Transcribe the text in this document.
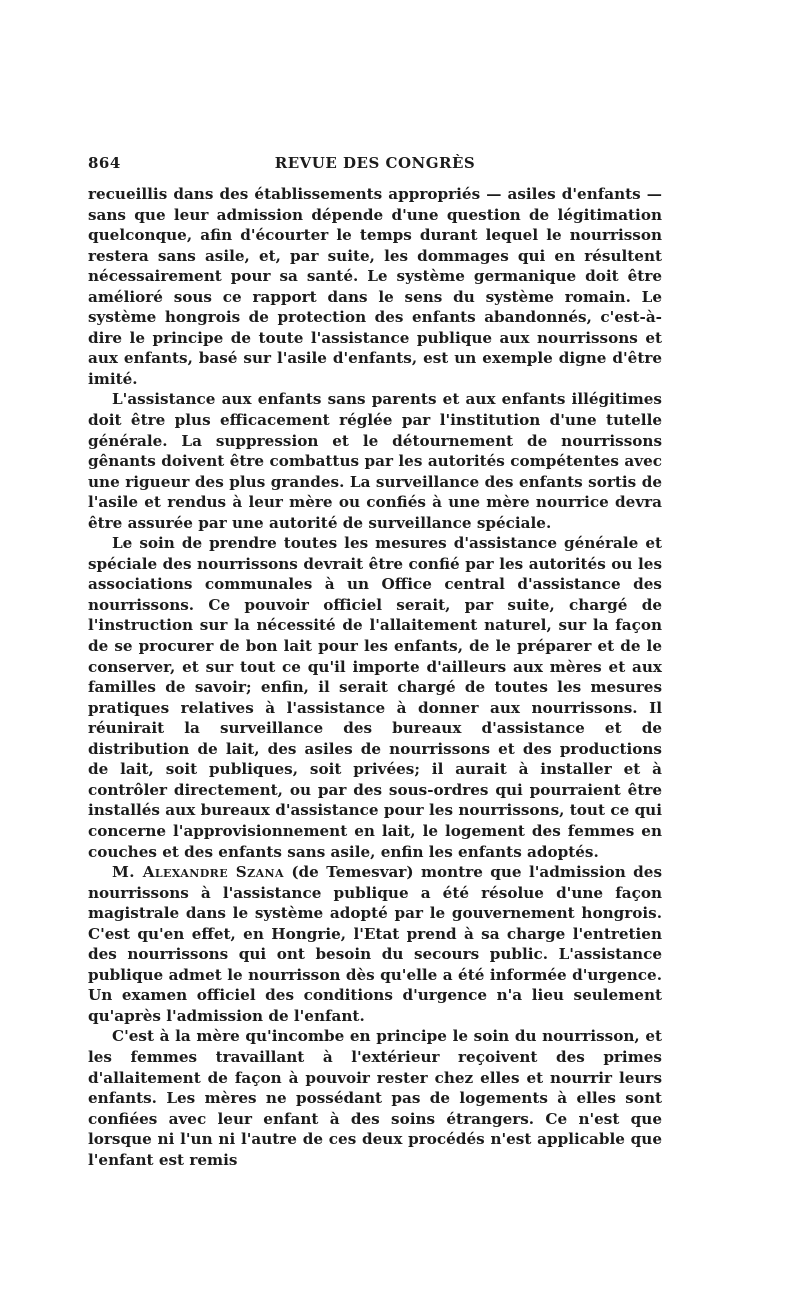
864	REVUE DES CONGRÈS

recueillis dans des établissements appropriés — asiles d'enfants — sans que leur admission dépende d'une question de légitimation quelconque, afin d'écourter le temps durant lequel le nourrisson restera sans asile, et, par suite, les dommages qui en résultent nécessairement pour sa santé. Le système germanique doit être amélioré sous ce rapport dans le sens du système romain. Le système hongrois de protection des enfants abandonnés, c'est-à-dire le principe de toute l'assistance publique aux nourrissons et aux enfants, basé sur l'asile d'enfants, est un exemple digne d'être imité.

L'assistance aux enfants sans parents et aux enfants illégitimes doit être plus efficacement réglée par l'institution d'une tutelle générale. La suppression et le détournement de nourrissons gênants doivent être combattus par les autorités compétentes avec une rigueur des plus grandes. La surveillance des enfants sortis de l'asile et rendus à leur mère ou confiés à une mère nourrice devra être assurée par une autorité de surveillance spéciale.

Le soin de prendre toutes les mesures d'assistance générale et spéciale des nourrissons devrait être confié par les autorités ou les associations communales à un Office central d'assistance des nourrissons. Ce pouvoir officiel serait, par suite, chargé de l'instruction sur la nécessité de l'allaitement naturel, sur la façon de se procurer de bon lait pour les enfants, de le préparer et de le conserver, et sur tout ce qu'il importe d'ailleurs aux mères et aux familles de savoir; enfin, il serait chargé de toutes les mesures pratiques relatives à l'assistance à donner aux nourrissons. Il réunirait la surveillance des bureaux d'assistance et de distribution de lait, des asiles de nourrissons et des productions de lait, soit publiques, soit privées; il aurait à installer et à contrôler directement, ou par des sous-ordres qui pourraient être installés aux bureaux d'assistance pour les nourrissons, tout ce qui concerne l'approvisionnement en lait, le logement des femmes en couches et des enfants sans asile, enfin les enfants adoptés.

M. Alexandre Szana (de Temesvar) montre que l'admission des nourrissons à l'assistance publique a été résolue d'une façon magistrale dans le système adopté par le gouvernement hongrois. C'est qu'en effet, en Hongrie, l'Etat prend à sa charge l'entretien des nourrissons qui ont besoin du secours public. L'assistance publique admet le nourrisson dès qu'elle a été informée d'urgence. Un examen officiel des conditions d'urgence n'a lieu seulement qu'après l'admission de l'enfant.

C'est à la mère qu'incombe en principe le soin du nourrisson, et les femmes travaillant à l'extérieur reçoivent des primes d'allaitement de façon à pouvoir rester chez elles et nourrir leurs enfants. Les mères ne possédant pas de logements à elles sont confiées avec leur enfant à des soins étrangers. Ce n'est que lorsque ni l'un ni l'autre de ces deux procédés n'est applicable que l'enfant est remis
